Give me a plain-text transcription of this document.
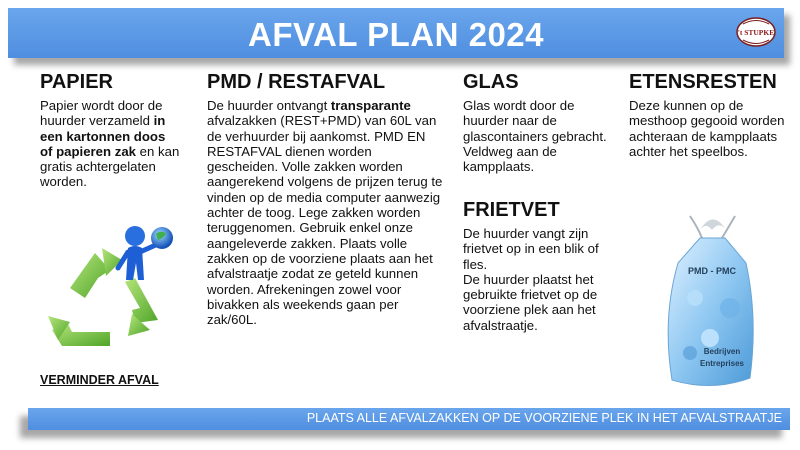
AFVAL PLAN 2024	't STUPKE
PAPIER

Papier wordt door de huurder verzameld in een kartonnen doos of papieren zak en kan gratis achtergelaten worden.

VERMINDER AFVAL
PMD / RESTAFVAL

De huurder ontvangt transparante afvalzakken (REST+PMD) van 60L van de verhuurder bij aankomst. PMD EN RESTAFVAL dienen worden gescheiden. Volle zakken worden aangerekend volgens de prijzen terug te vinden op de media computer aanwezig achter de toog. Lege zakken worden teruggenomen. Gebruik enkel onze aangeleverde zakken. Plaats volle zakken op de voorziene plaats aan het afvalstraatje zodat ze geteld kunnen worden. Afrekeningen zowel voor bivakken als weekends gaan per zak/60L.

GLAS

Glas wordt door de huurder naar de glascontainers gebracht. Veldweg aan de kampplaats.

FRIETVET

De huurder vangt zijn frietvet op in een blik of fles.

De huurder plaatst het gebruikte frietvet op de voorziene plek aan het afvalstraatje.

ETENSRESTEN

Deze kunnen op de mesthoop gegooid worden achteraan de kampplaats achter het speelbos.

PMD - PMC
Bedrijven
Entreprises
PLAATS ALLE AFVALZAKKEN OP DE VOORZIENE PLEK IN HET AFVALSTRAATJE
